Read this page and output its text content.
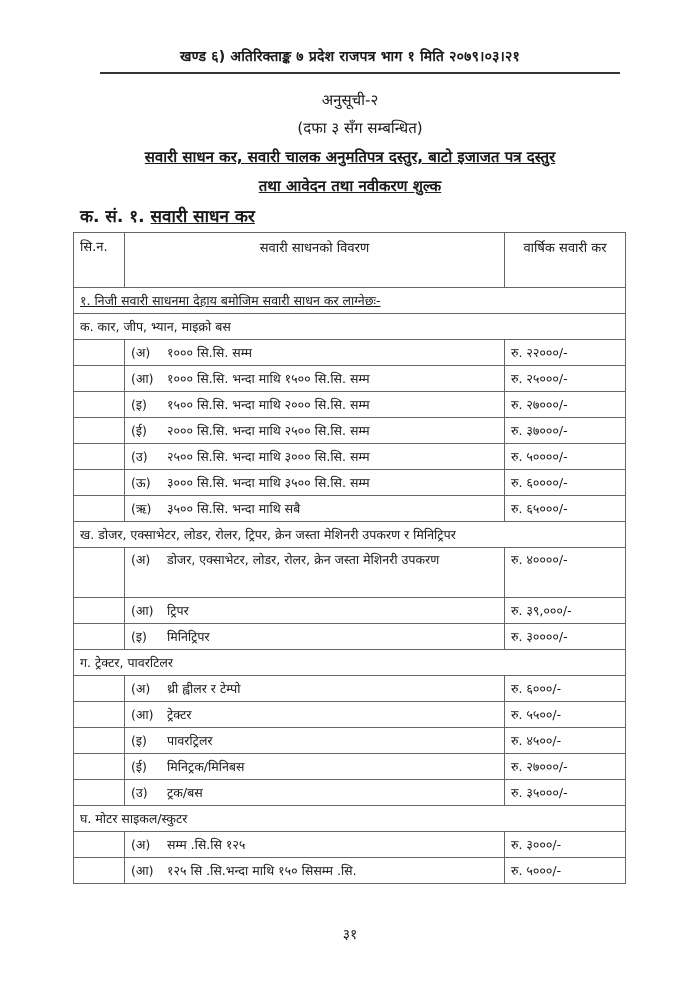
खण्ड ६) अतिरिक्ताङ्क ७ प्रदेश राजपत्र भाग १ मिति २०७९।०३।२१
अनुसूची-२
(दफा ३ सँग सम्बन्धित)
सवारी साधन कर, सवारी चालक अनुमतिपत्र दस्तुर, बाटो इजाजत पत्र दस्तुर
तथा आवेदन तथा नवीकरण शुल्क
क. सं. १. सवारी साधन कर
सि.न.	सवारी साधनको विवरण	वार्षिक सवारी कर
१. निजी सवारी साधनमा देहाय बमोजिम सवारी साधन कर लाग्नेछः-		
क. कार, जीप, भ्यान, माइक्रो बस		
	(अ) १००० सि.सि. सम्म	रु. २२०००/-
	(आ) १००० सि.सि. भन्दा माथि १५०० सि.सि. सम्म	रु. २५०००/-
	(इ) १५०० सि.सि. भन्दा माथि २००० सि.सि. सम्म	रु. २७०००/-
	(ई) २००० सि.सि. भन्दा माथि २५०० सि.सि. सम्म	रु. ३७०००/-
	(उ) २५०० सि.सि. भन्दा माथि ३००० सि.सि. सम्म	रु. ५००००/-
	(ऊ) ३००० सि.सि. भन्दा माथि ३५०० सि.सि. सम्म	रु. ६००००/-
	(ऋ) ३५०० सि.सि. भन्दा माथि सबै	रु. ६५०००/-
ख. डोजर, एक्साभेटर, लोडर, रोलर, ट्रिपर, क्रेन जस्ता मेशिनरी उपकरण र मिनिट्रिपर		
	(अ) डोजर, एक्साभेटर, लोडर, रोलर, क्रेन जस्ता मेशिनरी उपकरण	रु. ४००००/-
	(आ) ट्रिपर	रु. ३९,०००/-
	(इ) मिनिट्रिपर	रु. ३००००/-
ग. ट्रेक्टर, पावरटिलर		
	(अ) थ्री ह्वीलर र टेम्पो	रु. ६०००/-
	(आ) ट्रेक्टर	रु. ५५००/-
	(इ) पावरट्रिलर	रु. ४५००/-
	(ई) मिनिट्रक/मिनिबस	रु. २७०००/-
	(उ) ट्रक/बस	रु. ३५०००/-
घ. मोटर साइकल/स्कुटर		
	(अ) सम्म .सि.सि १२५	रु. ३०००/-
	(आ) १२५ सि .सि.भन्दा माथि १५० सिसम्म .सि.	रु. ५०००/-
३१
